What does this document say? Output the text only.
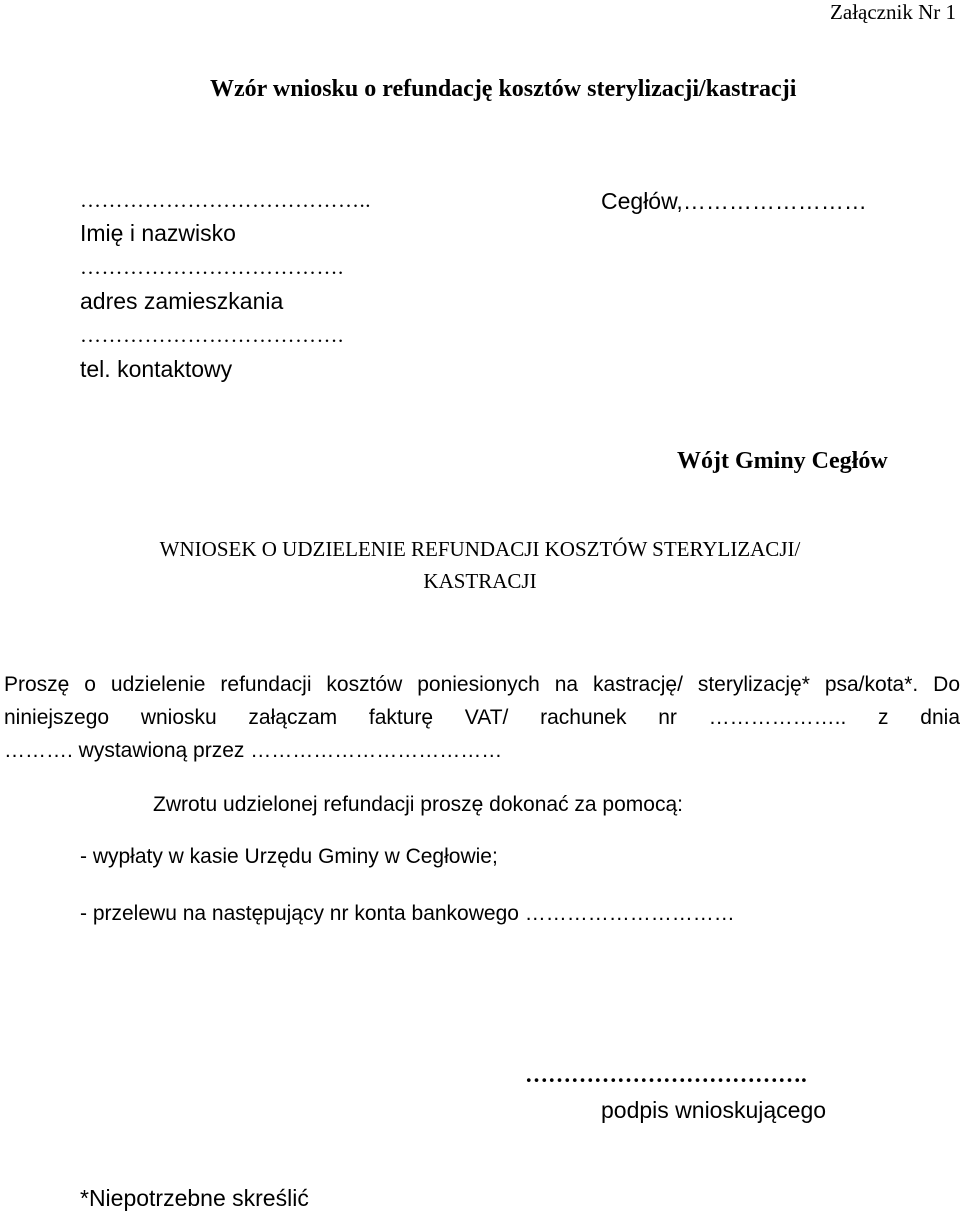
Załącznik Nr 1
Wzór wniosku o refundację kosztów sterylizacji/kastracji
…………………………………..
Imię i nazwisko
……………………………….
adres zamieszkania
……………………………….
tel. kontaktowy
Cegłów,……………………
Wójt Gminy Cegłów
WNIOSEK O UDZIELENIE REFUNDACJI KOSZTÓW STERYLIZACJI/
KASTRACJI
Proszę o udzielenie refundacji kosztów poniesionych na kastrację/ sterylizację* psa/kota*. Do
niniejszego wniosku załączam fakturę VAT/ rachunek nr ……………….. z dnia
………. wystawioną przez ………………………………
Zwrotu udzielonej refundacji proszę dokonać za pomocą:
- wypłaty w kasie Urzędu Gminy w Cegłowie;
- przelewu na następujący nr konta bankowego …………………………
……………………………….
podpis wnioskującego
*Niepotrzebne skreślić
